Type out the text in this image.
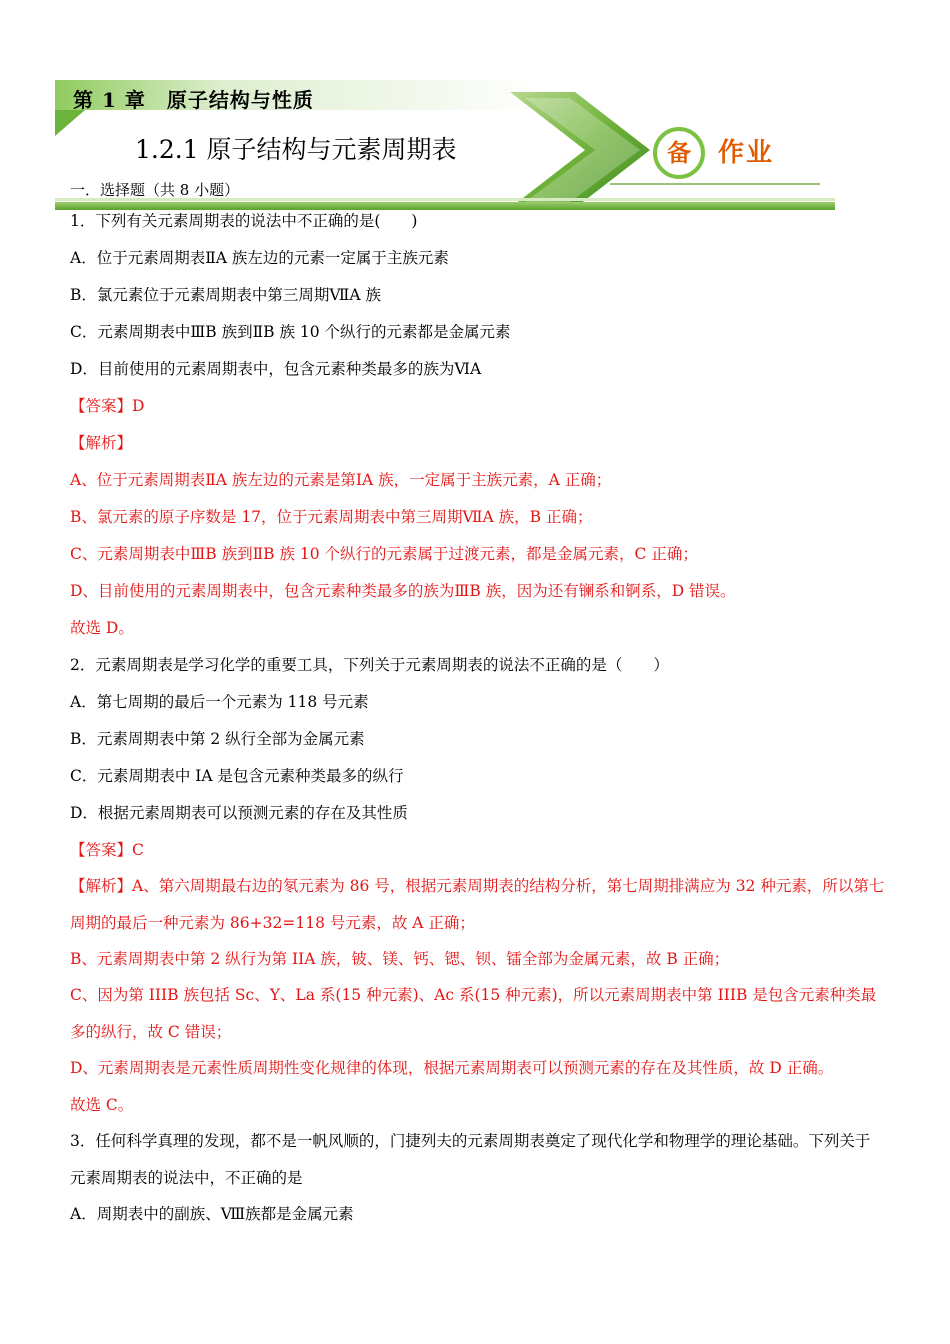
第 1 章　原子结构与性质
1.2.1 原子结构与元素周期表	备	作业
一．选择题（共 8 小题）
1．下列有关元素周期表的说法中不正确的是(　　)
A．位于元素周期表ⅡA 族左边的元素一定属于主族元素
B．氯元素位于元素周期表中第三周期ⅦA 族
C．元素周期表中ⅢB 族到ⅡB 族 10 个纵行的元素都是金属元素
D．目前使用的元素周期表中，包含元素种类最多的族为ⅥA
【答案】D
【解析】
A、位于元素周期表ⅡA 族左边的元素是第ⅠA 族，一定属于主族元素，A 正确；
B、氯元素的原子序数是 17，位于元素周期表中第三周期ⅦA 族，B 正确；
C、元素周期表中ⅢB 族到ⅡB 族 10 个纵行的元素属于过渡元素，都是金属元素，C 正确；
D、目前使用的元素周期表中，包含元素种类最多的族为ⅢB 族，因为还有镧系和锕系，D 错误。
故选 D。
2．元素周期表是学习化学的重要工具，下列关于元素周期表的说法不正确的是（　　）
A．第七周期的最后一个元素为 118 号元素
B．元素周期表中第 2 纵行全部为金属元素
C．元素周期表中 IA 是包含元素种类最多的纵行
D．根据元素周期表可以预测元素的存在及其性质
【答案】C
【解析】A、第六周期最右边的氡元素为 86 号，根据元素周期表的结构分析，第七周期排满应为 32 种元素，所以第七周期的最后一种元素为 86+32=118 号元素，故 A 正确；
B、元素周期表中第 2 纵行为第 IIA 族，铍、镁、钙、锶、钡、镭全部为金属元素，故 B 正确；
C、因为第 IIIB 族包括 Sc、Y、La 系(15 种元素)、Ac 系(15 种元素)，所以元素周期表中第 IIIB 是包含元素种类最多的纵行，故 C 错误；
D、元素周期表是元素性质周期性变化规律的体现，根据元素周期表可以预测元素的存在及其性质，故 D 正确。
故选 C。
3．任何科学真理的发现，都不是一帆风顺的，门捷列夫的元素周期表奠定了现代化学和物理学的理论基础。下列关于元素周期表的说法中，不正确的是
A．周期表中的副族、Ⅷ族都是金属元素
